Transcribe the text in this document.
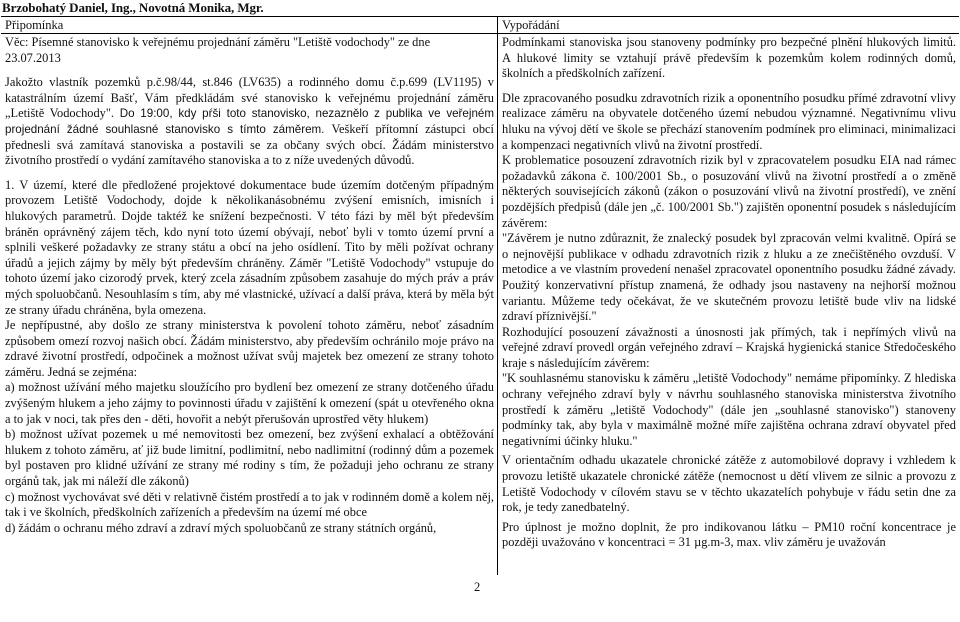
Brzobohatý Daniel, Ing., Novotná Monika, Mgr.
Připomínka

Věc: Písemné stanovisko k veřejnému projednání záměru "Letiště vodochody" ze dne
23.07.2013

Jakožto vlastník pozemků p.č.98/44, st.846 (LV635) a rodinného domu č.p.699 (LV1195) v katastrálním území Bašť, Vám předkládám své stanovisko k veřejnému projednání záměru „Letiště Vodochody". Do 19:00, kdy pŕši toto stanovisko, nezaznělo z publika ve veřejném projednání žádné souhlasné stanovisko s tímto záměrem. Veškeří přítomní zástupci obcí přednesli svá zamítavá stanoviska a postavili se za občany svých obcí. Žádám ministerstvo životního prostředí o vydání zamítavého stanoviska a to z níže uvedených důvodů.

1. V území, které dle předložené projektové dokumentace bude územím dotčeným případným provozem Letiště Vodochody, dojde k několikanásobnému zvýšení emisních, imisních i hlukových parametrů. Dojde taktéž ke snížení bezpečnosti. V této fázi by měl být především bráněn oprávněný zájem těch, kdo nyní toto území obývají, neboť byli v tomto území první a splnili veškeré požadavky ze strany státu a obcí na jeho osídlení. Tito by měli požívat ochrany úřadů a jejich zájmy by měly být především chráněny. Záměr "Letiště Vodochody" vstupuje do tohoto území jako cizorodý prvek, který zcela zásadním způsobem zasahuje do mých práv a práv mých spoluobčanů. Nesouhlasím s tím, aby mé vlastnické, užívací a další práva, která by měla být ze strany úřadu chráněna, byla omezena.

Je nepřípustné, aby došlo ze strany ministerstva k povolení tohoto záměru, neboť zásadním způsobem omezí rozvoj našich obcí. Žádám ministerstvo, aby především ochránilo moje právo na zdravé životní prostředí, odpočinek a možnost užívat svůj majetek bez omezení ze strany tohoto záměru. Jedná se zejména:

a) možnost užívání mého majetku sloužícího pro bydlení bez omezení ze strany dotčeného úřadu zvýšeným hlukem a jeho zájmy to povinnosti úřadu v zajištění k omezení (spát u otevřeného okna a to jak v noci, tak přes den - děti, hovořit a nebýt přerušován uprostřed věty hlukem)

b) možnost užívat pozemek u mé nemovitosti bez omezení, bez zvýšení exhalací a obtěžování hlukem z tohoto záměru, ať již bude limitní, podlimitní, nebo nadlimitní (rodinný dům a pozemek byl postaven pro klidné užívání ze strany mé rodiny s tím, že požaduji jeho ochranu ze strany orgánů tak, jak mi náleží dle zákonů)

c) možnost vychovávat své děti v relativně čistém prostředí a to jak v rodinném domě a kolem něj, tak i ve školních, předškolních zařízeních a především na území mé obce

d) žádám o ochranu mého zdraví a zdraví mých spoluobčanů ze strany státních orgánů,

Vypořádání

Podmínkami stanoviska jsou stanoveny podmínky pro bezpečné plnění hlukových limitů. A hlukové limity se vztahují právě především k pozemkům kolem rodinných domů, školních a předškolních zařízení.

Dle zpracovaného posudku zdravotních rizik a oponentního posudku přímé zdravotní vlivy realizace záměru na obyvatele dotčeného území nebudou významné. Negativnímu vlivu hluku na vývoj dětí ve škole se přechází stanovením podmínek pro eliminaci, minimalizaci a kompenzaci negativních vlivů na životní prostředí.

K problematice posouzení zdravotních rizik byl v zpracovatelem posudku EIA nad rámec požadavků zákona č. 100/2001 Sb., o posuzování vlivů na životní prostředí a o změně některých souvisejících zákonů (zákon o posuzování vlivů na životní prostředí), ve znění pozdějších předpisů (dále jen „č. 100/2001 Sb.") zajištěn oponentní posudek s následujícím závěrem:

"Závěrem je nutno zdůraznit, že znalecký posudek byl zpracován velmi kvalitně. Opírá se o nejnovější publikace v odhadu zdravotních rizik z hluku a ze znečištěného ovzduší. V metodice a ve vlastním provedení nenašel zpracovatel oponentního posudku žádné závady. Použitý konzervativní přístup znamená, že odhady jsou nastaveny na nejhorší možnou variantu. Můžeme tedy očekávat, že ve skutečném provozu letiště bude vliv na lidské zdraví příznivější."

Rozhodující posouzení závažnosti a únosnosti jak přímých, tak i nepřímých vlivů na veřejné zdraví provedl orgán veřejného zdraví – Krajská hygienická stanice Středočeského kraje s následujícím závěrem:

"K souhlasnému stanovisku k záměru „letiště Vodochody" nemáme připomínky. Z hlediska ochrany veřejného zdraví byly v návrhu souhlasného stanoviska ministerstva životního prostředí k záměru „letiště Vodochody" (dále jen „souhlasné stanovisko") stanoveny podmínky tak, aby byla v maximálně možné míře zajištěna ochrana zdraví obyvatel před negativními účinky hluku."

V orientačním odhadu ukazatele chronické zátěže z automobilové dopravy i vzhledem k provozu letiště ukazatele chronické zátěže (nemocnost u dětí vlivem ze silnic a provozu z Letiště Vodochody v cílovém stavu se v těchto ukazatelích pohybuje v řádu setin dne za rok, je tedy zanedbatelný.

Pro úplnost je možno doplnit, že pro indikovanou látku – PM10 roční koncentrace je později uvažováno v koncentraci = 31 µg.m-3, max. vliv záměru je uvažován

2
